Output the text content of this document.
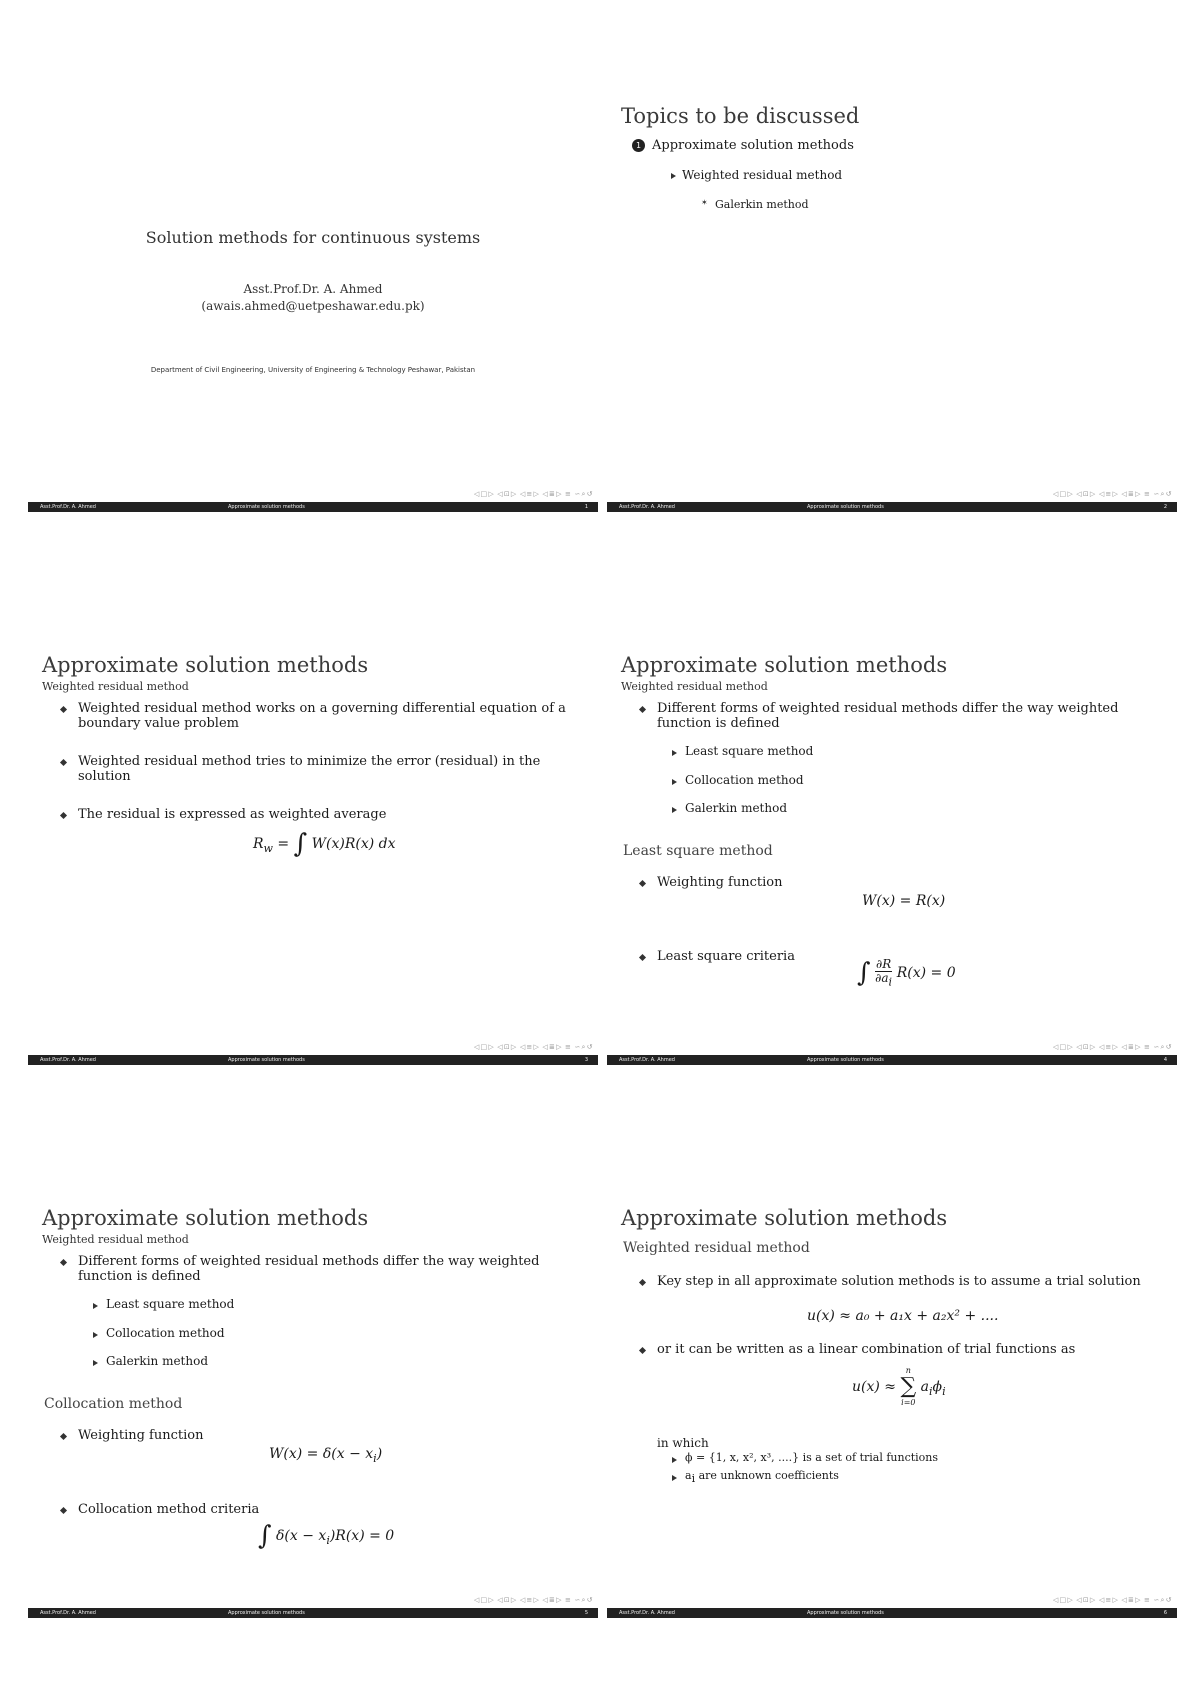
Solution methods for continuous systems
Asst.Prof.Dr. A. Ahmed
(awais.ahmed@uetpeshawar.edu.pk)
Department of Civil Engineering, University of Engineering & Technology Peshawar, Pakistan
◁ □ ▷ ◁ ⊡ ▷ ◁ ≡ ▷ ◁ ≣ ▷ ≡ ∽ ⌕ ↺
Asst.Prof.Dr. A. Ahmed	Approximate solution methods	1
Topics to be discussed
1 Approximate solution methods
Weighted residual method
✶ Galerkin method
◁ □ ▷ ◁ ⊡ ▷ ◁ ≡ ▷ ◁ ≣ ▷ ≡ ∽ ⌕ ↺
Asst.Prof.Dr. A. Ahmed	Approximate solution methods	2
Approximate solution methods
Weighted residual method
Weighted residual method works on a governing differential equation of a boundary value problem
Weighted residual method tries to minimize the error (residual) in the solution
The residual is expressed as weighted average
$R_w$ = ∫ W(x)R(x) dx
◁ □ ▷ ◁ ⊡ ▷ ◁ ≡ ▷ ◁ ≣ ▷ ≡ ∽ ⌕ ↺
Asst.Prof.Dr. A. Ahmed	Approximate solution methods	3
Approximate solution methods
Weighted residual method
Different forms of weighted residual methods differ the way weighted function is defined
Least square method
Collocation method
Galerkin method
Least square method
Weighting function
W(x) = R(x)
Least square criteria
∫ $\frac{\partial R}{\partial a_i} R(x) = 0$
◁ □ ▷ ◁ ⊡ ▷ ◁ ≡ ▷ ◁ ≣ ▷ ≡ ∽ ⌕ ↺
Asst.Prof.Dr. A. Ahmed	Approximate solution methods	4
Approximate solution methods
Weighted residual method
Different forms of weighted residual methods differ the way weighted function is defined
Least square method
Collocation method
Galerkin method
Collocation method
Weighting function
$W(x) = \delta(x - x_i)$
Collocation method criteria
∫ $\delta(x - x_i)R(x) = 0$
◁ □ ▷ ◁ ⊡ ▷ ◁ ≡ ▷ ◁ ≣ ▷ ≡ ∽ ⌕ ↺
Asst.Prof.Dr. A. Ahmed	Approximate solution methods	5
Approximate solution methods
Weighted residual method
Key step in all approximate solution methods is to assume a trial solution
u(x) ≈ a₀ + a₁x + a₂x² + ....
or it can be written as a linear combination of trial functions as
u(x) ≈
n
∑
i=0
$a_i\phi_i$
in which
ϕ = {1, x, x², x³, ....} is a set of trial functions
$a_i$ are unknown coefficients
◁ □ ▷ ◁ ⊡ ▷ ◁ ≡ ▷ ◁ ≣ ▷ ≡ ∽ ⌕ ↺
Asst.Prof.Dr. A. Ahmed	Approximate solution methods	6
